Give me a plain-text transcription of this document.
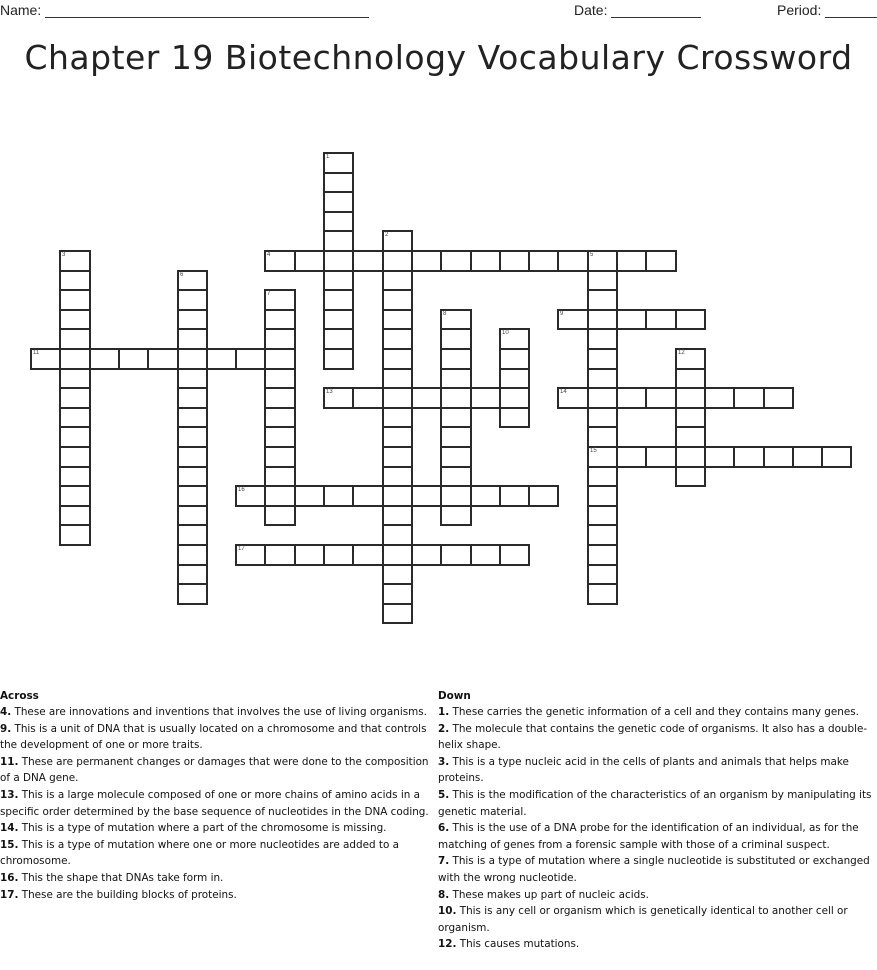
Name:	Date:	Period:
Chapter 19 Biotechnology Vocabulary Crossword
1
2
3	4	5
15
6
7
8	9
10
11	12
13	14
16
17
Across
4. These are innovations and inventions that involves the use of living organisms.
9. This is a unit of DNA that is usually located on a chromosome and that controls the development of one or more traits.
11. These are permanent changes or damages that were done to the composition of a DNA gene.
13. This is a large molecule composed of one or more chains of amino acids in a specific order determined by the base sequence of nucleotides in the DNA coding.
14. This is a type of mutation where a part of the chromosome is missing.
15. This is a type of mutation where one or more nucleotides are added to a chromosome.
16. This the shape that DNAs take form in.
17. These are the building blocks of proteins.
Down
1. These carries the genetic information of a cell and they contains many genes.
2. The molecule that contains the genetic code of organisms. It also has a double-helix shape.
3. This is a type nucleic acid in the cells of plants and animals that helps make proteins.
5. This is the modification of the characteristics of an organism by manipulating its genetic material.
6. This is the use of a DNA probe for the identification of an individual, as for the matching of genes from a forensic sample with those of a criminal suspect.
7. This is a type of mutation where a single nucleotide is substituted or exchanged with the wrong nucleotide.
8. These makes up part of nucleic acids.
10. This is any cell or organism which is genetically identical to another cell or organism.
12. This causes mutations.
